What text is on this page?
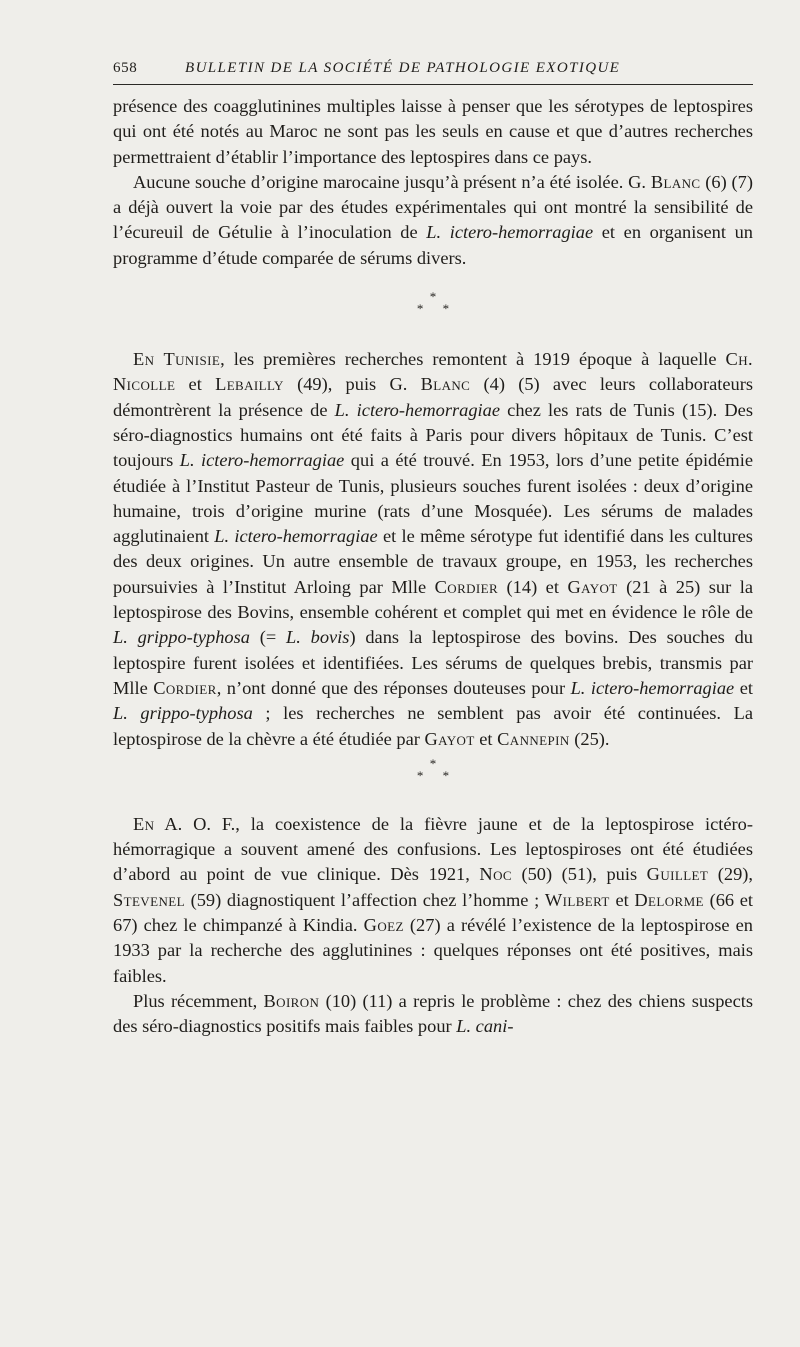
658	BULLETIN DE LA SOCIÉTÉ DE PATHOLOGIE EXOTIQUE

présence des coagglutinines multiples laisse à penser que les sérotypes de leptospires qui ont été notés au Maroc ne sont pas les seuls en cause et que d’autres recherches permettraient d’établir l’importance des leptospires dans ce pays.

Aucune souche d’origine marocaine jusqu’à présent n’a été isolée. G. Blanc (6) (7) a déjà ouvert la voie par des études expérimentales qui ont montré la sensibilité de l’écureuil de Gétulie à l’inoculation de L. ictero-hemorragiae et en organisent un programme d’étude comparée de sérums divers.

*
* *

En Tunisie, les premières recherches remontent à 1919 époque à laquelle Ch. Nicolle et Lebailly (49), puis G. Blanc (4) (5) avec leurs collaborateurs démontrèrent la présence de L. ictero-hemorragiae chez les rats de Tunis (15). Des séro-diagnostics humains ont été faits à Paris pour divers hôpitaux de Tunis. C’est toujours L. ictero-hemorragiae qui a été trouvé. En 1953, lors d’une petite épidémie étudiée à l’Institut Pasteur de Tunis, plusieurs souches furent isolées : deux d’origine humaine, trois d’origine murine (rats d’une Mosquée). Les sérums de malades agglutinaient L. ictero-hemorragiae et le même sérotype fut identifié dans les cultures des deux origines. Un autre ensemble de travaux groupe, en 1953, les recherches poursuivies à l’Institut Arloing par Mlle Cordier (14) et Gayot (21 à 25) sur la leptospirose des Bovins, ensemble cohérent et complet qui met en évidence le rôle de L. grippo-typhosa (= L. bovis) dans la leptospirose des bovins. Des souches du leptospire furent isolées et identifiées. Les sérums de quelques brebis, transmis par Mlle Cordier, n’ont donné que des réponses douteuses pour L. ictero-hemorragiae et L. grippo-typhosa ; les recherches ne semblent pas avoir été continuées. La leptospirose de la chèvre a été étudiée par Gayot et Cannepin (25).

*
* *

En A. O. F., la coexistence de la fièvre jaune et de la leptospirose ictéro-hémorragique a souvent amené des confusions. Les leptospiroses ont été étudiées d’abord au point de vue clinique. Dès 1921, Noc (50) (51), puis Guillet (29), Stevenel (59) diagnostiquent l’affection chez l’homme ; Wilbert et Delorme (66 et 67) chez le chimpanzé à Kindia. Goez (27) a révélé l’existence de la leptospirose en 1933 par la recherche des agglutinines : quelques réponses ont été positives, mais faibles.

Plus récemment, Boiron (10) (11) a repris le problème : chez des chiens suspects des séro-diagnostics positifs mais faibles pour L. cani-
